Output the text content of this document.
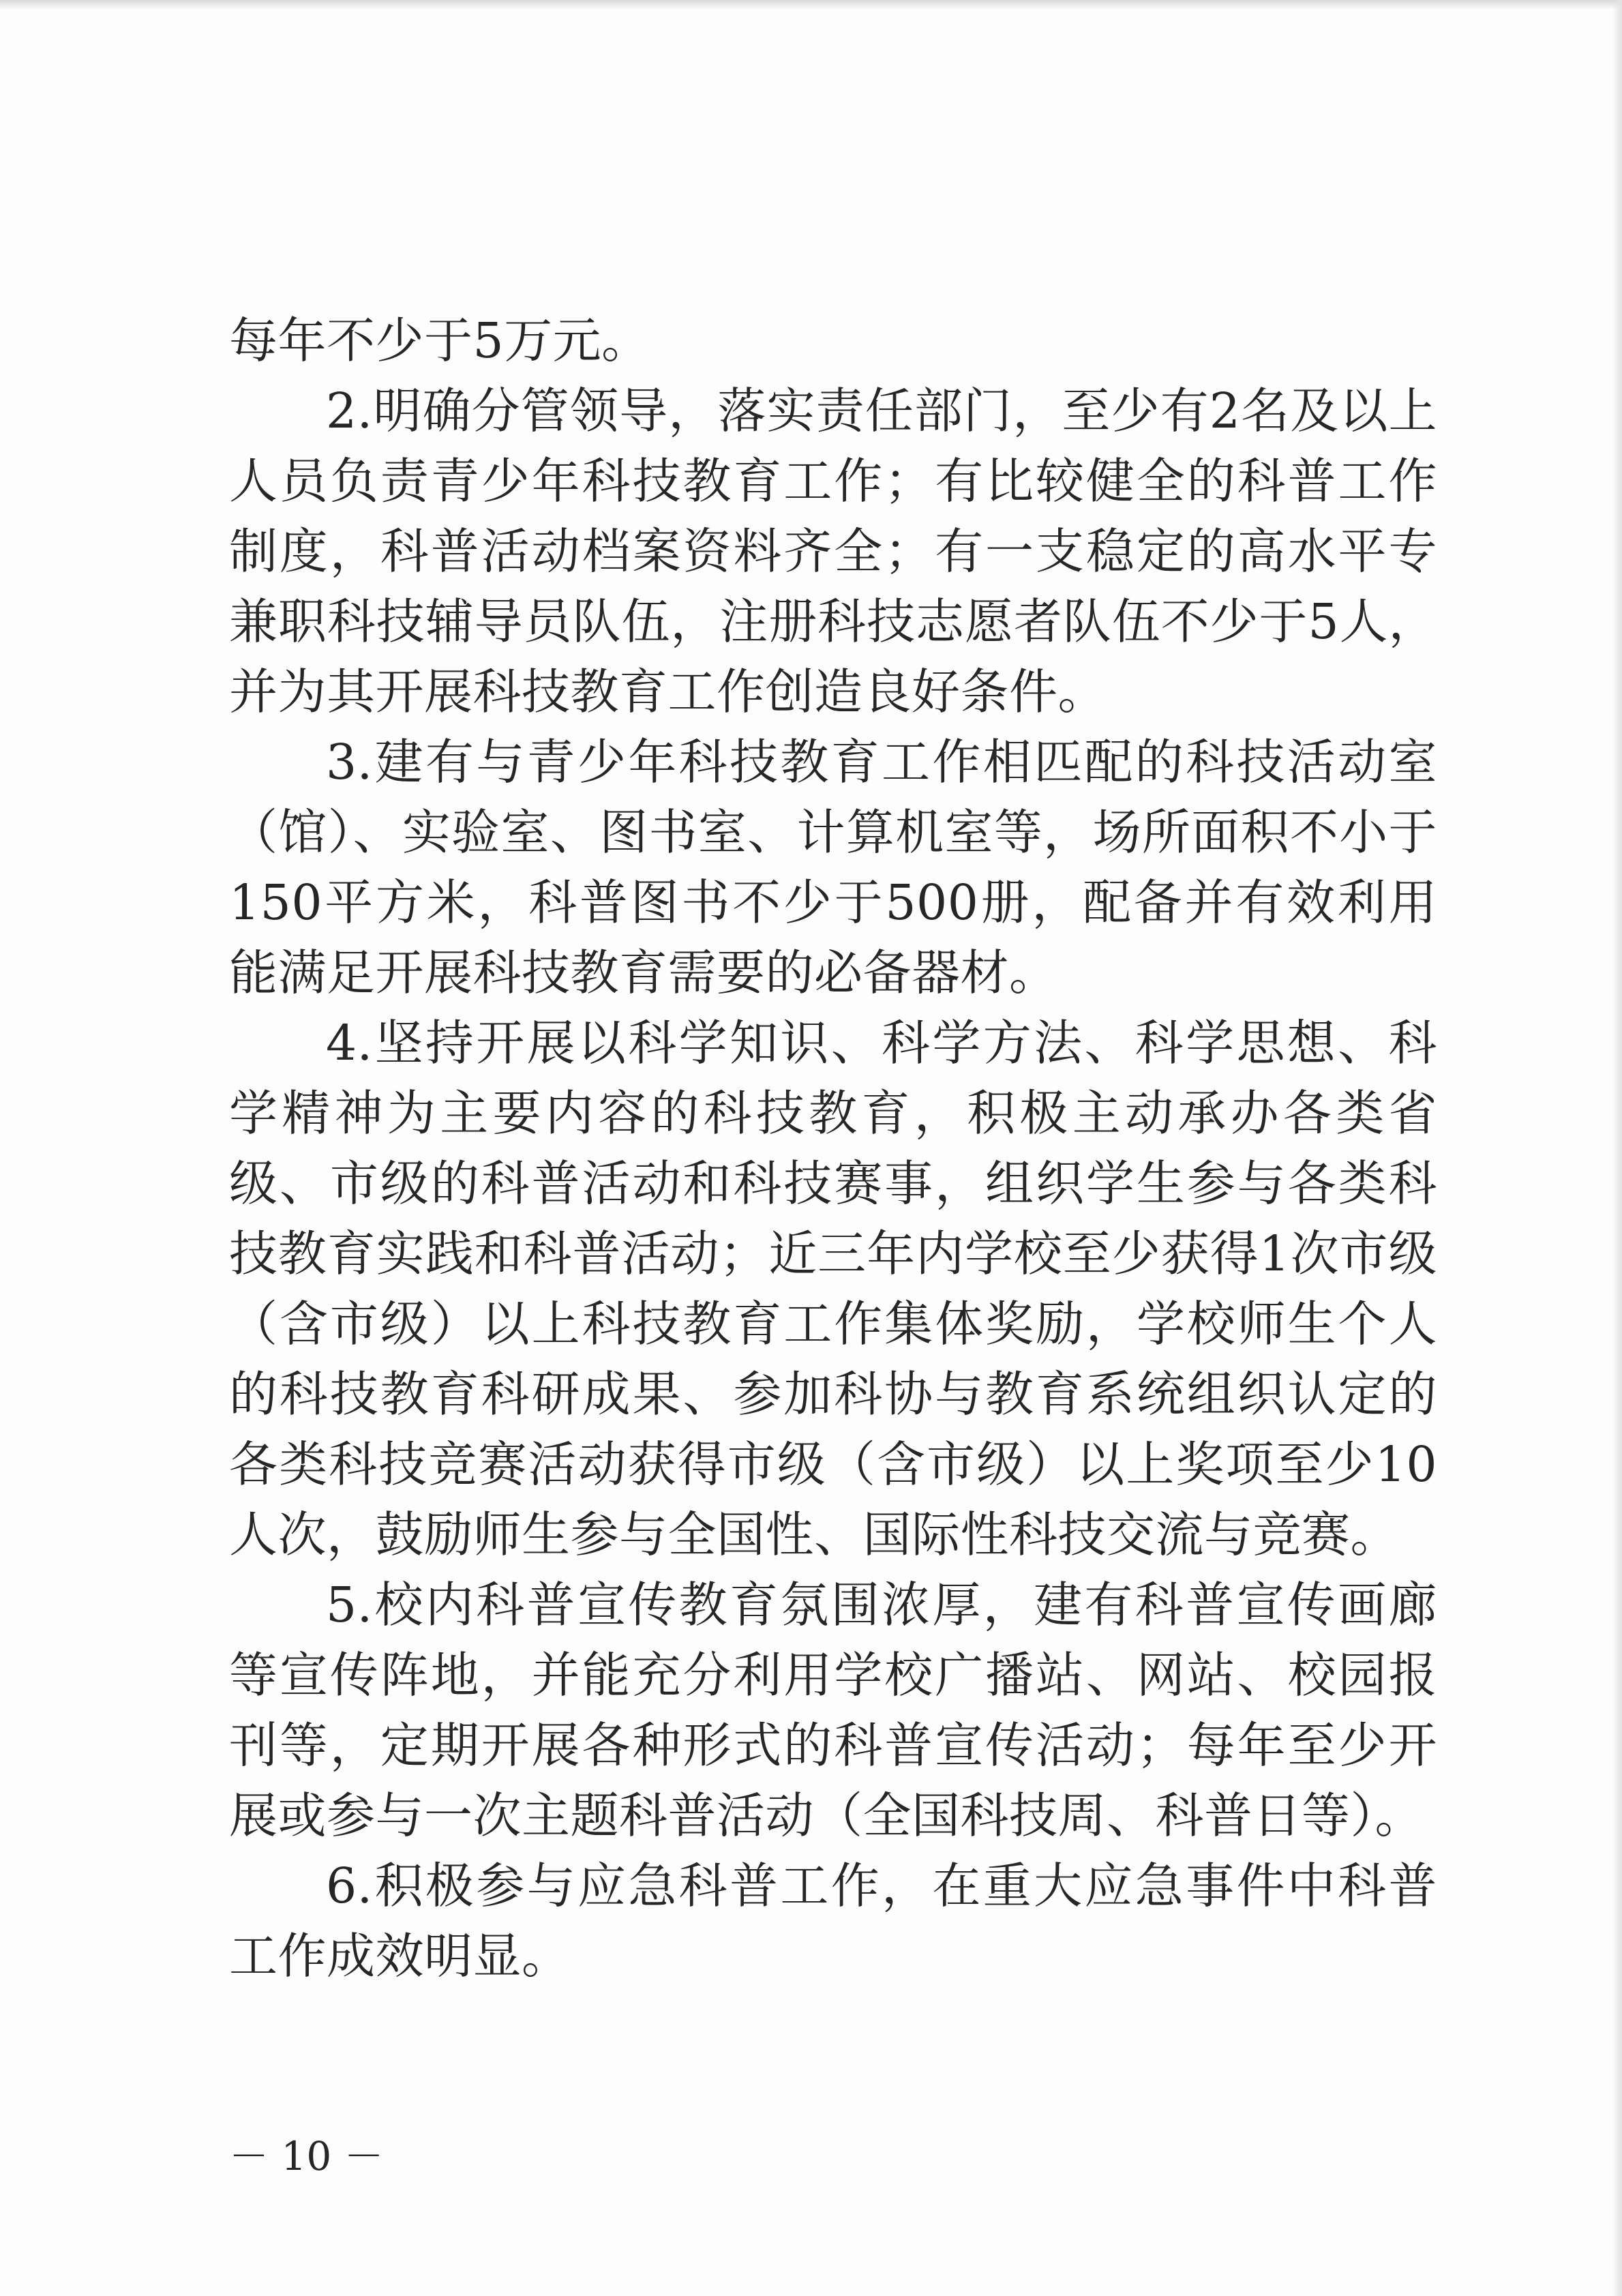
每年不少于5万元。

2.明确分管领导，落实责任部门，至少有2名及以上人员负责青少年科技教育工作；有比较健全的科普工作制度，科普活动档案资料齐全；有一支稳定的高水平专兼职科技辅导员队伍，注册科技志愿者队伍不少于5人，并为其开展科技教育工作创造良好条件。

3.建有与青少年科技教育工作相匹配的科技活动室（馆）、实验室、图书室、计算机室等，场所面积不小于150平方米，科普图书不少于500册，配备并有效利用能满足开展科技教育需要的必备器材。

4.坚持开展以科学知识、科学方法、科学思想、科学精神为主要内容的科技教育，积极主动承办各类省级、市级的科普活动和科技赛事，组织学生参与各类科技教育实践和科普活动；近三年内学校至少获得1次市级（含市级）以上科技教育工作集体奖励，学校师生个人的科技教育科研成果、参加科协与教育系统组织认定的各类科技竞赛活动获得市级（含市级）以上奖项至少10人次，鼓励师生参与全国性、国际性科技交流与竞赛。

5.校内科普宣传教育氛围浓厚，建有科普宣传画廊等宣传阵地，并能充分利用学校广播站、网站、校园报刊等，定期开展各种形式的科普宣传活动；每年至少开展或参与一次主题科普活动（全国科技周、科普日等）。

6.积极参与应急科普工作，在重大应急事件中科普工作成效明显。

－ 10 －
